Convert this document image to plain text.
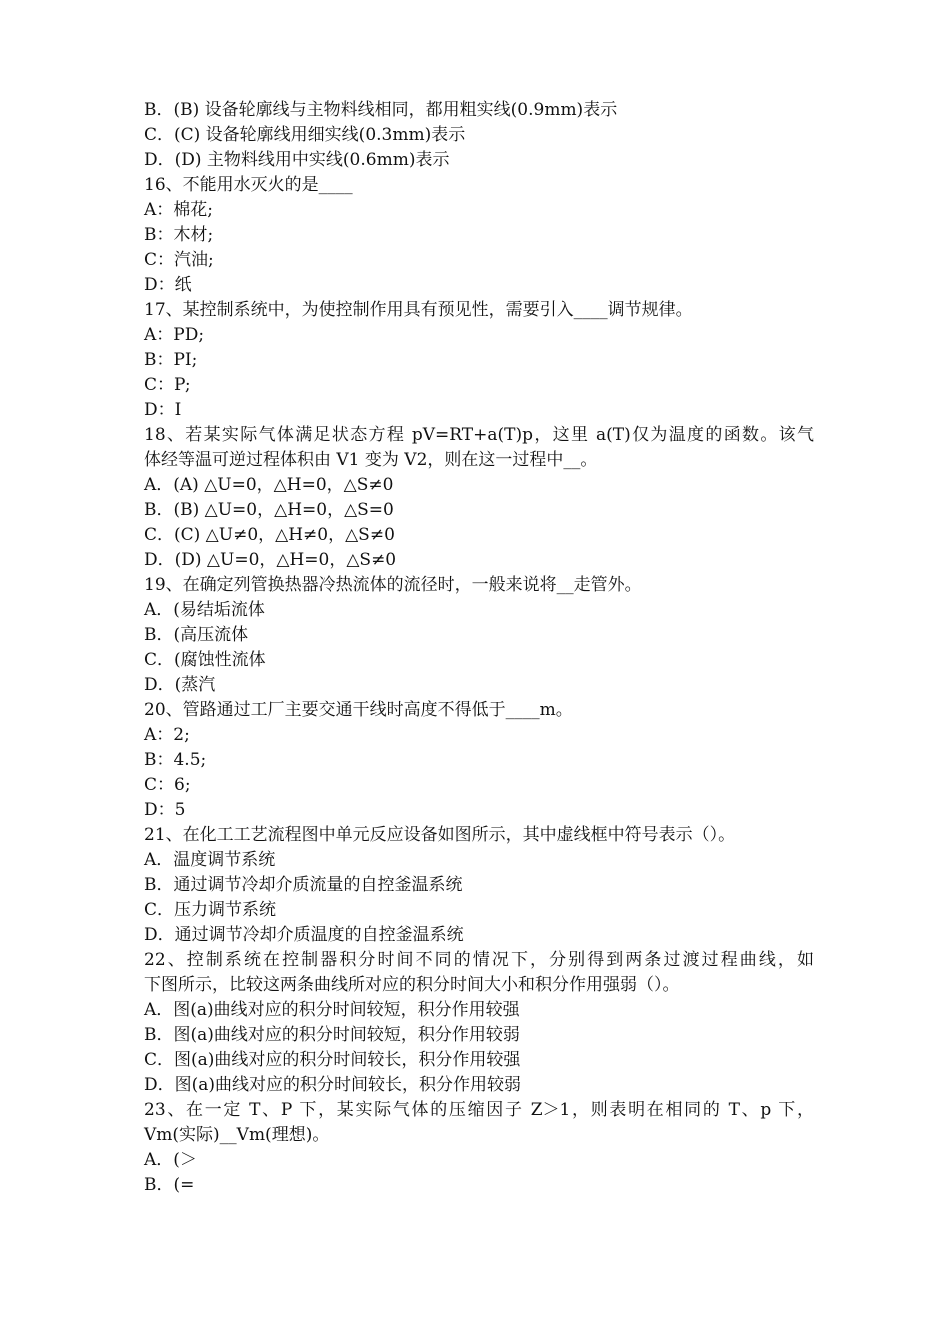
B．(B) 设备轮廓线与主物料线相同，都用粗实线(0.9mm)表示
C．(C) 设备轮廓线用细实线(0.3mm)表示
D．(D) 主物料线用中实线(0.6mm)表示
16、不能用水灭火的是____
A：棉花;
B：木材;
C：汽油;
D：纸
17、某控制系统中，为使控制作用具有预见性，需要引入____调节规律。
A：PD;
B：PI;
C：P;
D：I
18、若某实际气体满足状态方程 pV=RT+a(T)p，这里 a(T)仅为温度的函数。该气
体经等温可逆过程体积由 V1 变为 V2，则在这一过程中__。
A．(A) △U=0，△H=0，△S≠0
B．(B) △U=0，△H=0，△S=0
C．(C) △U≠0，△H≠0，△S≠0
D．(D) △U=0，△H=0，△S≠0
19、在确定列管换热器冷热流体的流径时，一般来说将__走管外。
A．(易结垢流体
B．(高压流体
C．(腐蚀性流体
D．(蒸汽
20、管路通过工厂主要交通干线时高度不得低于____m。
A：2;
B：4.5;
C：6;
D：5
21、在化工工艺流程图中单元反应设备如图所示，其中虚线框中符号表示（）。
A．温度调节系统
B．通过调节冷却介质流量的自控釜温系统
C．压力调节系统
D．通过调节冷却介质温度的自控釜温系统
22、控制系统在控制器积分时间不同的情况下，分别得到两条过渡过程曲线，如
下图所示，比较这两条曲线所对应的积分时间大小和积分作用强弱（）。
A．图(a)曲线对应的积分时间较短，积分作用较强
B．图(a)曲线对应的积分时间较短，积分作用较弱
C．图(a)曲线对应的积分时间较长，积分作用较强
D．图(a)曲线对应的积分时间较长，积分作用较弱
23、在一定 T、P 下，某实际气体的压缩因子 Z＞1，则表明在相同的 T、p 下，
Vm(实际)__Vm(理想)。
A．(＞
B．(=
